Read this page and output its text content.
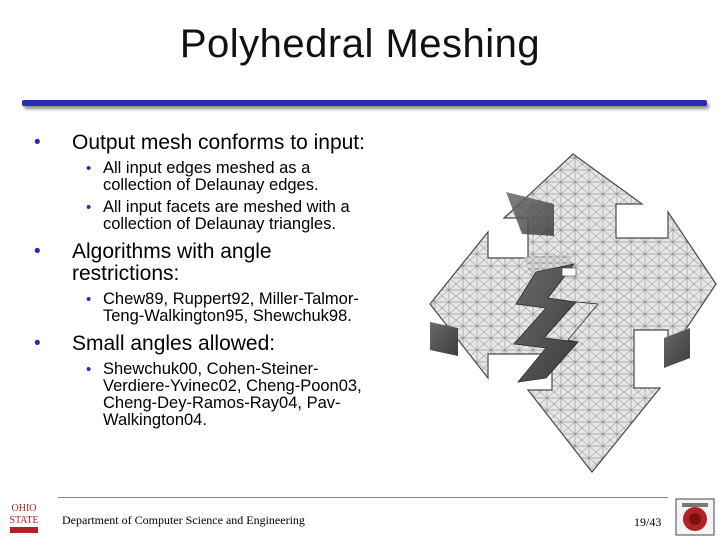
Polyhedral Meshing
• Output mesh conforms to input:
• All input edges meshed as a
collection of Delaunay edges.
• All input facets are meshed with a
collection of Delaunay triangles.
• Algorithms with angle
restrictions:
• Chew89, Ruppert92, Miller-Talmor-
Teng-Walkington95, Shewchuk98.
• Small angles allowed:
• Shewchuk00, Cohen-Steiner-
Verdiere-Yvinec02, Cheng-Poon03,
Cheng-Dey-Ramos-Ray04, Pav-
Walkington04.
OHIO
STATE Department of Computer Science and Engineering	19/43
